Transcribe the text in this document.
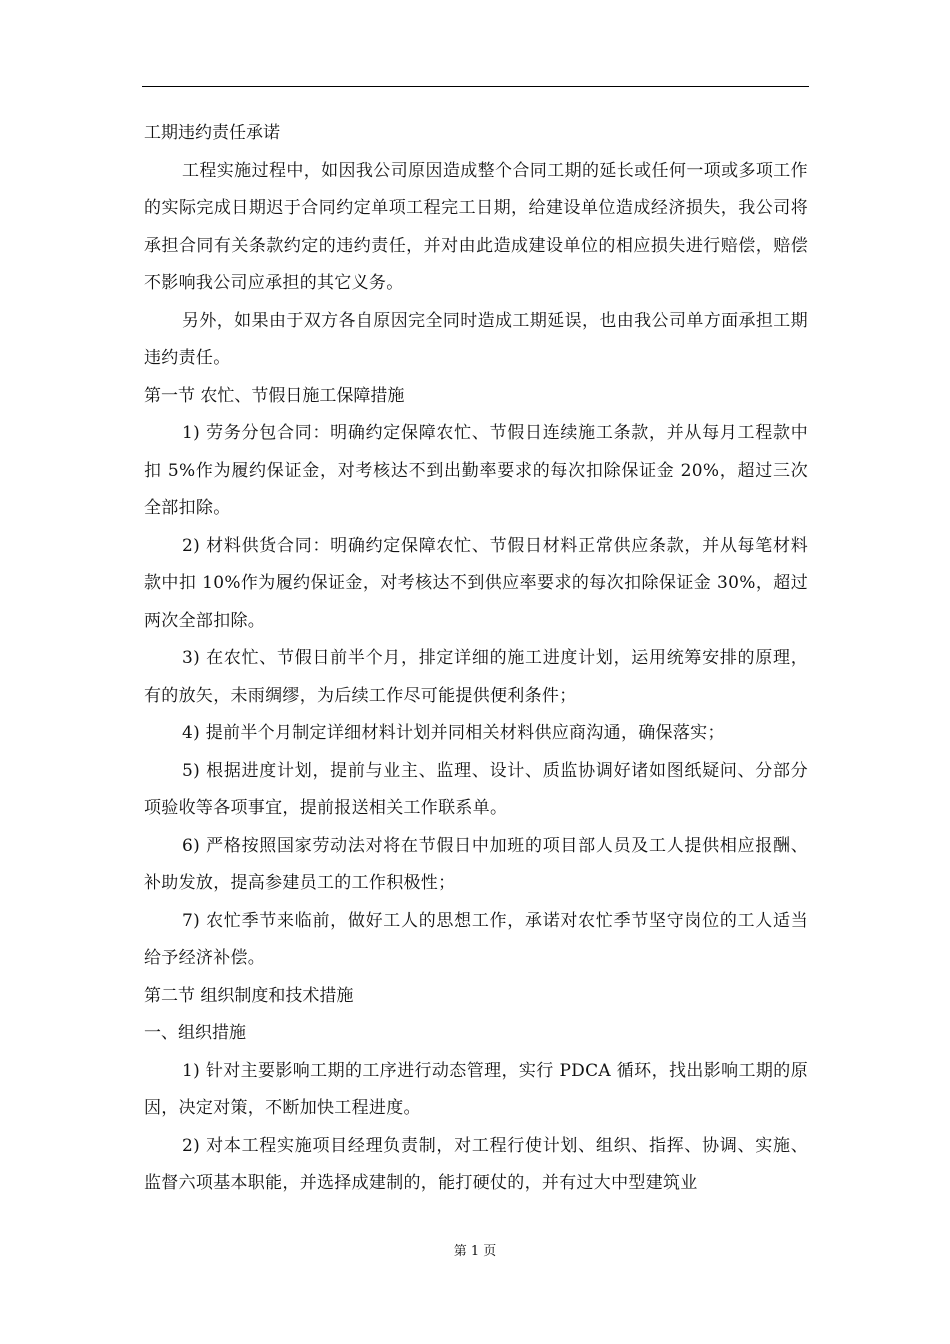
工期违约责任承诺

工程实施过程中，如因我公司原因造成整个合同工期的延长或任何一项或多项工作的实际完成日期迟于合同约定单项工程完工日期，给建设单位造成经济损失，我公司将承担合同有关条款约定的违约责任，并对由此造成建设单位的相应损失进行赔偿，赔偿不影响我公司应承担的其它义务。

另外，如果由于双方各自原因完全同时造成工期延误，也由我公司单方面承担工期违约责任。

第一节 农忙、节假日施工保障措施

1) 劳务分包合同：明确约定保障农忙、节假日连续施工条款，并从每月工程款中扣 5%作为履约保证金，对考核达不到出勤率要求的每次扣除保证金 20%，超过三次全部扣除。

2) 材料供货合同：明确约定保障农忙、节假日材料正常供应条款，并从每笔材料款中扣 10%作为履约保证金，对考核达不到供应率要求的每次扣除保证金 30%，超过两次全部扣除。

3) 在农忙、节假日前半个月，排定详细的施工进度计划，运用统筹安排的原理，有的放矢，未雨绸缪，为后续工作尽可能提供便利条件；

4) 提前半个月制定详细材料计划并同相关材料供应商沟通，确保落实；

5) 根据进度计划，提前与业主、监理、设计、质监协调好诸如图纸疑问、分部分项验收等各项事宜，提前报送相关工作联系单。

6) 严格按照国家劳动法对将在节假日中加班的项目部人员及工人提供相应报酬、补助发放，提高参建员工的工作积极性；

7) 农忙季节来临前，做好工人的思想工作，承诺对农忙季节坚守岗位的工人适当给予经济补偿。

第二节 组织制度和技术措施

一、组织措施

1) 针对主要影响工期的工序进行动态管理，实行 PDCA 循环，找出影响工期的原因，决定对策，不断加快工程进度。

2) 对本工程实施项目经理负责制，对工程行使计划、组织、指挥、协调、实施、监督六项基本职能，并选择成建制的，能打硬仗的，并有过大中型建筑业

第 1 页
